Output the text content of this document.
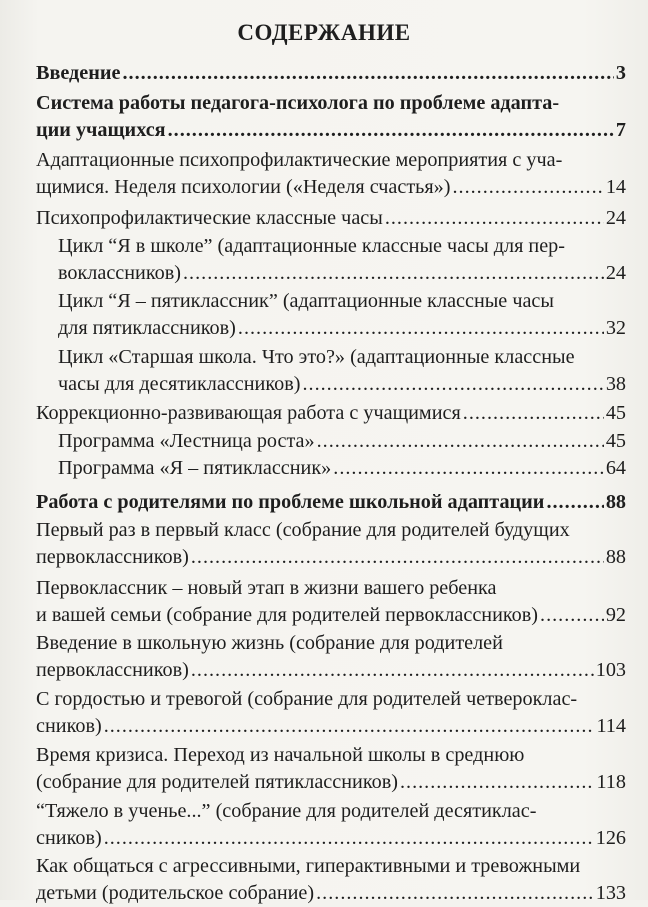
СОДЕРЖАНИЕ
Введение .....	3
Система работы педагога-психолога по проблеме адапта-
ции учащихся .....	7
Адаптационные психопрофилактические мероприятия с уча-
щимися. Неделя психологии («Неделя счастья») .....	14
Психопрофилактические классные часы .....	24
Цикл “Я в школе” (адаптационные классные часы для пер-
воклассников) .....	24
Цикл “Я – пятиклассник” (адаптационные классные часы
для пятиклассников) .....	32
Цикл «Старшая школа. Что это?» (адаптационные классные
часы для десятиклассников) .....	38
Коррекционно-развивающая работа с учащимися .....	45
Программа «Лестница роста» .....	45
Программа «Я – пятиклассник» .....	64
Работа с родителями по проблеме школьной адаптации .....	88
Первый раз в первый класс (собрание для родителей будущих
первоклассников) .....	88
Первоклассник – новый этап в жизни вашего ребенка
и вашей семьи (собрание для родителей первоклассников) .....	92
Введение в школьную жизнь (собрание для родителей
первоклассников) .....	103
С гордостью и тревогой (собрание для родителей четвероклас-
сников) .....	114
Время кризиса. Переход из начальной школы в среднюю
(собрание для родителей пятиклассников) .....	118
“Тяжело в ученье...” (собрание для родителей десятиклас-
сников) .....	126
Как общаться с агрессивными, гиперактивными и тревожными
детьми (родительское собрание) .....	133
